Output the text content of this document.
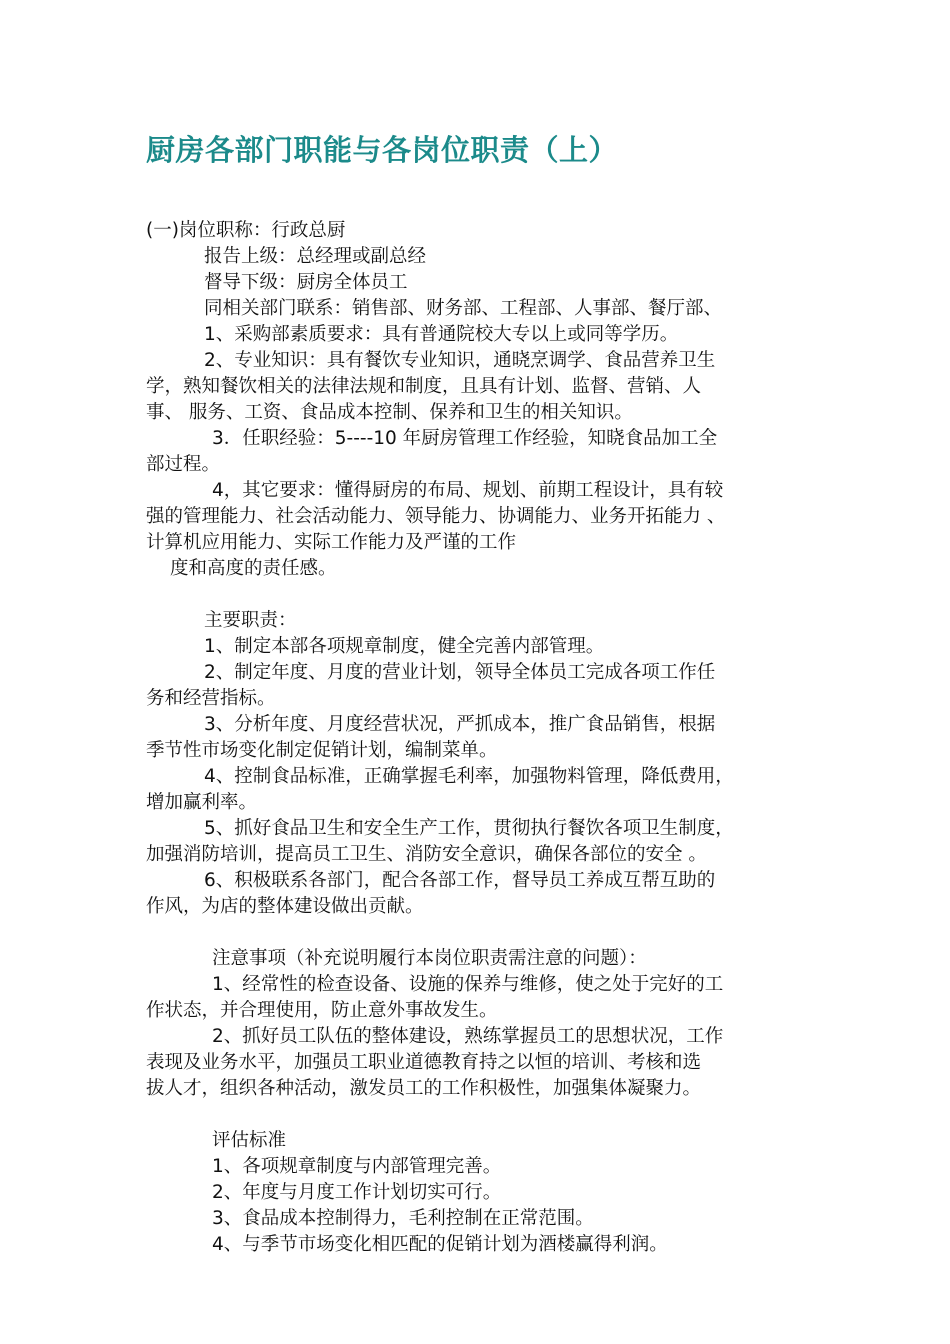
厨房各部门职能与各岗位职责（上）
(一)岗位职称：行政总厨
报告上级：总经理或副总经
督导下级：厨房全体员工
同相关部门联系：销售部、财务部、工程部、人事部、餐厅部、
1、采购部素质要求：具有普通院校大专以上或同等学历。
2、专业知识：具有餐饮专业知识，通晓烹调学、食品营养卫生
学，熟知餐饮相关的法律法规和制度，且具有计划、监督、营销、人
事、 服务、工资、食品成本控制、保养和卫生的相关知识。
3．任职经验：5----10 年厨房管理工作经验，知晓食品加工全
部过程。
4，其它要求：懂得厨房的布局、规划、前期工程设计，具有较
强的管理能力、社会活动能力、领导能力、协调能力、业务开拓能力 、
计算机应用能力、实际工作能力及严谨的工作
度和高度的责任感。
主要职责：
1、制定本部各项规章制度，健全完善内部管理。
2、制定年度、月度的营业计划，领导全体员工完成各项工作任
务和经营指标。
3、分析年度、月度经营状况，严抓成本，推广食品销售，根据
季节性市场变化制定促销计划，编制菜单。
4、控制食品标准，正确掌握毛利率，加强物料管理，降低费用，
增加赢利率。
5、抓好食品卫生和安全生产工作，贯彻执行餐饮各项卫生制度，
加强消防培训，提高员工卫生、消防安全意识，确保各部位的安全 。
6、积极联系各部门，配合各部工作，督导员工养成互帮互助的
作风，为店的整体建设做出贡献。
注意事项（补充说明履行本岗位职责需注意的问题）：
1、经常性的检查设备、设施的保养与维修，使之处于完好的工
作状态，并合理使用，防止意外事故发生。
2、抓好员工队伍的整体建设，熟练掌握员工的思想状况，工作
表现及业务水平，加强员工职业道德教育持之以恒的培训、考核和选
拔人才，组织各种活动，激发员工的工作积极性，加强集体凝聚力。
评估标准
1、各项规章制度与内部管理完善。
2、年度与月度工作计划切实可行。
3、食品成本控制得力，毛利控制在正常范围。
4、与季节市场变化相匹配的促销计划为酒楼赢得利润。
